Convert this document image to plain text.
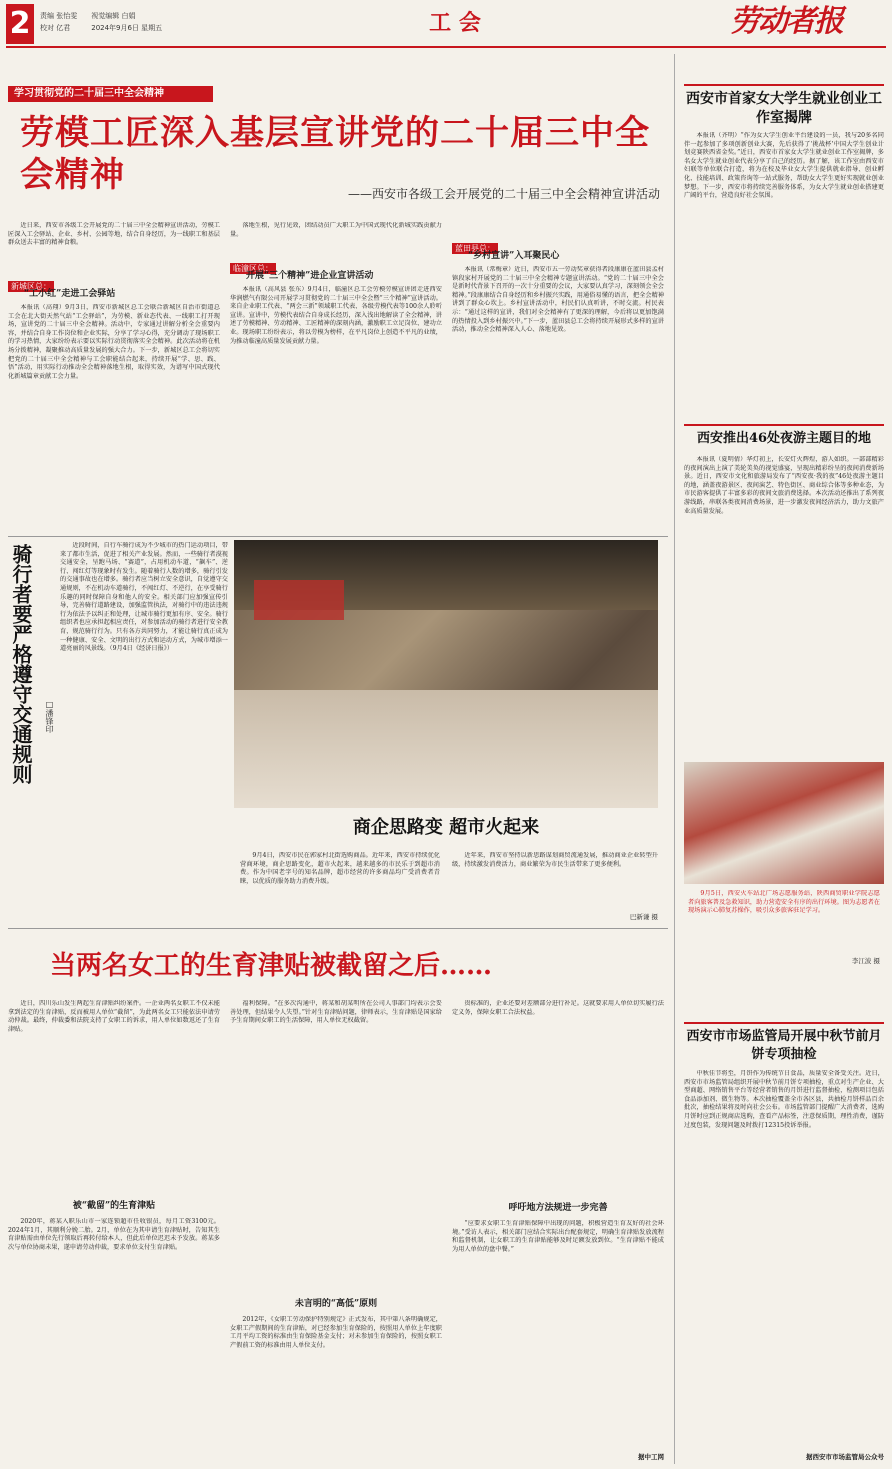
2 责编 张怡雯　　 视觉编辑 白娟
校对 亿君　　　	2024年9月6日 星期五	工 会	劳动者报
学习贯彻党的二十届三中全会精神
劳模工匠深入基层宣讲党的二十届三中全会精神	——西安市各级工会开展党的二十届三中全会精神宣讲活动

近日来，西安市各级工会开展党的二十届三中全会精神宣讲活动，劳模工匠深入工会驿站、企业、乡村、公园等地，结合自身经历，为一线职工和基层群众送去丰富的精神食粮。

新城区总：
“工小红”走进工会驿站

本报讯（高翔）9月3日，西安市新城区总工会联合新城区自治市街道总工会在北大街天然气站“工会驿站”，为劳模、新业态代表、一线职工打开现场，宣讲党的二十届三中全会精神。活动中，专家通过讲解分析全会重要内容，并结合自身工作岗位和企业实际，分享了学习心得，充分调动了现场职工的学习热情，大家纷纷表示要以实际行动贯彻落实全会精神。此次活动将在机场分拨精神，凝聚推动高质量发展的强大合力。下一步，新城区总工会将切实把党的二十届三中全会精神与工会职能结合起来，持续开展“学、思、践、悟”活动，用实际行动推动全会精神落地生根，取得实效，为谱写中国式现代化新城篇章贡献工会力量。

落地生根，见行见效，团结动员广大职工为中国式现代化新城实践贡献力量。

临潼区总：
开展“三个精神”进企业宣讲活动

本报讯（高风县 张东）9月4日，临潼区总工会劳模劳模宣讲团走进西安华润燃气有限公司开展学习贯彻党的二十届三中全会暨“三个精神”宣讲活动。来自企业职工代表、“两会三新”领域职工代表、各级劳模代表等100余人聆听宣讲。宣讲中，劳模代表结合自身成长经历，深入浅出地解读了全会精神，讲述了劳模精神、劳动精神、工匠精神的深刻内涵，激励职工立足岗位、建功立业。现场职工纷纷表示，将以劳模为榜样，在平凡岗位上创造不平凡的业绩，为推动临潼高质量发展贡献力量。

蓝田县总：
“乡村宣讲”入耳聚民心

本报讯（常梅章）近日，西安市五一劳动奖章获得者段康康在蓝田县孟村镇段家村开展党的二十届三中全会精神专题宣讲活动。“党的二十届三中全会是新时代背景下召开的一次十分重要的会议，大家要认真学习，深刻领会全会精神。”段康康结合自身经历和乡村振兴实践，用通俗易懂的语言，把全会精神讲到了群众心坎上。乡村宣讲活动中，村民们认真听讲，不时交流。村民表示：“通过这样的宣讲，我们对全会精神有了更深的理解，今后将以更加饱满的热情投入到乡村振兴中。”下一步，蓝田县总工会将持续开展形式多样的宣讲活动，推动全会精神深入人心、落地见效。

骑行者要严格遵守交通规则	□潘锋印

近段时间，自行车骑行成为不少城市的热门运动项目，带来了都市生活，促进了相关产业发展。然而，一些骑行者漠视交通安全，呈跑马场、“赛道”，占用机动车道，“飙车”、逆行、闯红灯等现象时有发生。随着骑行人数的增多，骑行引发的交通事故也在增多。骑行者应当树立安全意识，自觉遵守交通规则，不在机动车道骑行，不闯红灯、不逆行，在享受骑行乐趣的同时保障自身和他人的安全。相关部门应加强宣传引导，完善骑行道路建设，加强监管执法，对骑行中的违法违规行为依法予以纠正和处理，让城市骑行更加有序、安全。骑行组织者也应承担起相应责任，对参加活动的骑行者进行安全教育，规范骑行行为。只有各方共同努力，才能让骑行真正成为一种健康、安全、文明的出行方式和运动方式，为城市增添一道亮丽的风景线。（9月4日《经济日报》）

商企思路变 超市火起来

9月4日，西安市民在郭家村北街选购商品。近年来，西安市持续优化营商环境，商企思路变化，超市火起来，越来越多的市民乐于到超市消费。作为中国老字号的知名品牌，超市经营的许多商品均广受消费者青睐，以优质的服务助力消费升级。

近年来，西安市坚持以新思路谋划商贸流通发展，推动商业企业转型升级，持续激发消费活力，商业繁荣为市民生活带来了更多便利。

巴新谦 摄
当两名女工的生育津贴被截留之后……

近日，四川乐山发生两起生育津贴纠纷案件。一企业两名女职工不仅未能拿到法定的生育津贴，反而被用人单位“截留”，为此两名女工只能依法申请劳动仲裁。最终，仲裁委和法院支持了女职工的诉求，用人单位如数返还了生育津贴。

被“截留”的生育津贴

2020年，蒋某入职乐山市一家连锁超市任收银员，每月工资3100元。2024年1月，其顺利分娩二胎。2月，单位在为其申请生育津贴时，告知其生育津贴需由单位先行领取后再转付给本人，但此后单位迟迟未予发放。蒋某多次与单位协商未果，遂申请劳动仲裁，要求单位支付生育津贴。

福利保障。“在多次沟通中，蒋某和胡某明所在公司人事部门均表示会妥善处理，但结果令人失望。”针对生育津贴问题，律师表示，生育津贴是国家给予生育期间女职工的生活保障，用人单位无权截留。

未言明的“高低”原则

2012年，《女职工劳动保护特别规定》正式发布，其中第八条明确规定，女职工产假期间的生育津贴，对已经参加生育保险的，按照用人单位上年度职工月平均工资的标准由生育保险基金支付；对未参加生育保险的，按照女职工产假前工资的标准由用人单位支付。

贵标准的，企业还要对差额部分进行补足。这就要求用人单位切实履行法定义务，保障女职工合法权益。

呼吁地方法规进一步完善

“应要求女职工生育津贴保障中出现的问题，积极营造生育友好的社会环境。”受访人表示，相关部门应结合实际出台配套规定，明确生育津贴发放流程和监督机制，让女职工的生育津贴能够及时足额发放到位。“生育津贴不能成为用人单位的盘中餐。”

据中工网
西安市首家女大学生就业创业工作室揭牌

本报讯（齐明）“作为女大学生创业平台建设的一员，我与20多名同伴一起参加了多项创新创业大赛，先后获得了‘挑战杯’中国大学生创业计划竞赛陕西省金奖。”近日，西安市首家女大学生就业创业工作室揭牌，多名女大学生就业创业代表分享了自己的经历。据了解，该工作室由西安市妇联等单位联合打造，将为在校及毕业女大学生提供就业指导、创业孵化、技能培训、政策咨询等一站式服务，帮助女大学生更好实现就业创业梦想。下一步，西安市将持续完善服务体系，为女大学生就业创业搭建更广阔的平台，营造良好社会氛围。

西安推出46处夜游主题目的地

本报讯（夏明倩）华灯初上，长安灯火辉煌，游人如织。一部部精彩的夜间演出上演了美轮美奂的视觉盛宴，呈现出精彩纷呈的夜间消费新场景。近日，西安市文化和旅游局发布了“西安夜·我的夜”46处夜游主题目的地，涵盖夜游景区、夜间演艺、特色街区、商业综合体等多种业态，为市民游客提供了丰富多彩的夜间文旅消费选择。本次活动还推出了系列夜游线路，串联各类夜间消费场景，进一步激发夜间经济活力，助力文旅产业高质量发展。

9月5日，西安火车站北广场志愿服务站，陕西商贸职业学院志愿者向旅客普及急救知识，助力营造安全有序的出行环境。图为志愿者在现场演示心肺复苏操作，吸引众多旅客驻足学习。

李江波 摄
西安市市场监管局开展中秋节前月饼专项抽检

中秋佳节将至，月饼作为传统节日食品，质量安全备受关注。近日，西安市市场监管局组织开展中秋节前月饼专项抽检，重点对生产企业、大型商超、网络销售平台等经营者销售的月饼进行监督抽检，检测项目包括食品添加剂、微生物等。本次抽检覆盖全市各区县，共抽检月饼样品百余批次，抽检结果将及时向社会公布。市场监管部门提醒广大消费者，选购月饼时应到正规商店选购，查看产品标签，注意保质期，理性消费，谨防过度包装，发现问题及时拨打12315投诉举报。

据西安市市场监管局公众号
